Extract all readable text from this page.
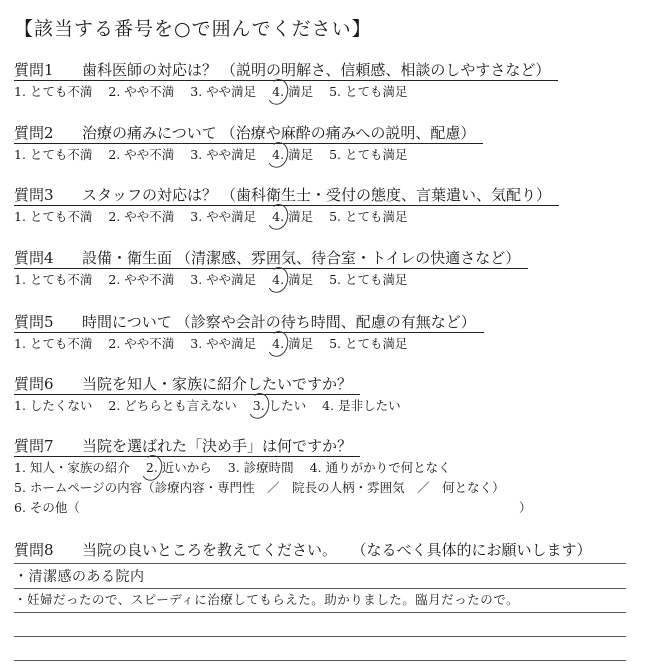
【該当する番号を○で囲んでください】
質問1 歯科医師の対応は？ （説明の明解さ、信頼感、相談のしやすさなど）
1. とても不満 2. やや不満 3. やや満足 4. 満足 5. とても満足
質問2 治療の痛みについて （治療や麻酔の痛みへの説明、配慮）
1. とても不満 2. やや不満 3. やや満足 4. 満足 5. とても満足
質問3 スタッフの対応は？ （歯科衛生士・受付の態度、言葉遣い、気配り）
1. とても不満 2. やや不満 3. やや満足 4. 満足 5. とても満足
質問4 設備・衛生面 （清潔感、雰囲気、待合室・トイレの快適さなど）
1. とても不満 2. やや不満 3. やや満足 4. 満足 5. とても満足
質問5 時間について （診察や会計の待ち時間、配慮の有無など）
1. とても不満 2. やや不満 3. やや満足 4. 満足 5. とても満足
質問6 当院を知人・家族に紹介したいですか？
1. したくない 2. どちらとも言えない 3. したい 4. 是非したい
質問7 当院を選ばれた「決め手」は何ですか？
1. 知人・家族の紹介 2. 近いから 3. 診療時間 4. 通りがかりで何となく
5. ホームページの内容（診療内容・専門性　／　院長の人柄・雰囲気　／　何となく）
6. その他（	）
質問8 当院の良いところを教えてください。 （なるべく具体的にお願いします）
・清潔感のある院内
・妊婦だったので、スピーディに治療してもらえた。助かりました。臨月だったので。
